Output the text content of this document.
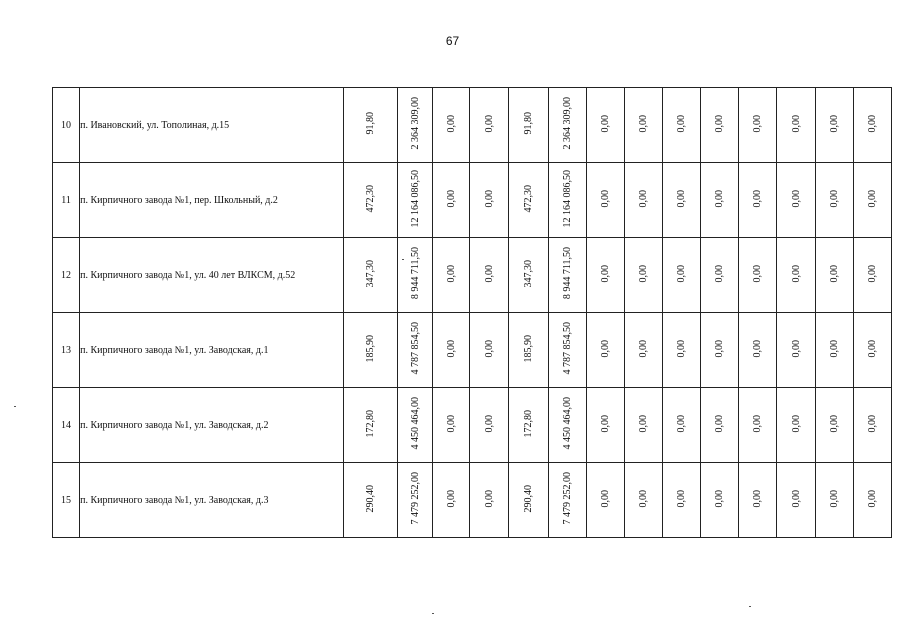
67
10	п. Ивановский, ул. Тополиная, д.15	91,80	2 364 309,00	0,00	0,00	91,80	2 364 309,00	0,00	0,00	0,00	0,00	0,00	0,00	0,00	0,00
11	п. Кирпичного завода №1, пер. Школьный, д.2	472,30	12 164 086,50	0,00	0,00	472,30	12 164 086,50	0,00	0,00	0,00	0,00	0,00	0,00	0,00	0,00
12	п. Кирпичного завода №1, ул. 40 лет ВЛКСМ, д.52	347,30	8 944 711,50	0,00	0,00	347,30	8 944 711,50	0,00	0,00	0,00	0,00	0,00	0,00	0,00	0,00
13	п. Кирпичного завода №1, ул. Заводская, д.1	185,90	4 787 854,50	0,00	0,00	185,90	4 787 854,50	0,00	0,00	0,00	0,00	0,00	0,00	0,00	0,00
14	п. Кирпичного завода №1, ул. Заводская, д.2	172,80	4 450 464,00	0,00	0,00	172,80	4 450 464,00	0,00	0,00	0,00	0,00	0,00	0,00	0,00	0,00
15	п. Кирпичного завода №1, ул. Заводская, д.3	290,40	7 479 252,00	0,00	0,00	290,40	7 479 252,00	0,00	0,00	0,00	0,00	0,00	0,00	0,00	0,00
